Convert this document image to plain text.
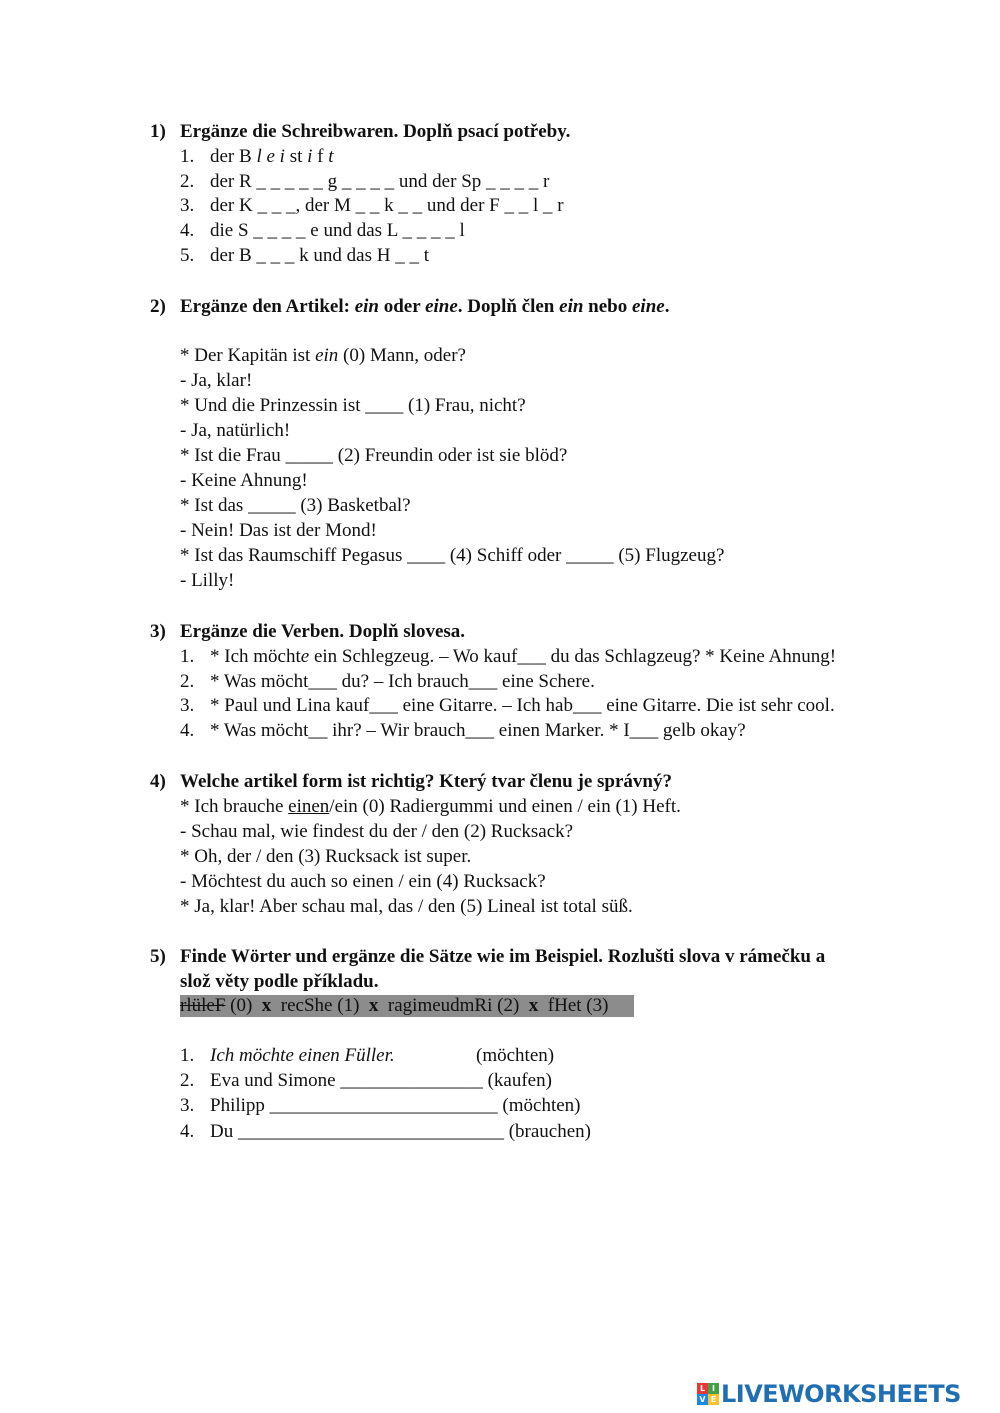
1) Ergänze die Schreibwaren. Doplň psací potřeby.
1. der B l e i st i f t
2. der R _ _ _ _ _ g _ _ _ _ und der Sp _ _ _ _ r
3. der K _ _ _, der M _ _ k _ _ und der F _ _ l _ r
4. die S _ _ _ _ e und das L _ _ _ _ l
5. der B _ _ _ k und das H _ _ t
2) Ergänze den Artikel: ein oder eine. Doplň člen ein nebo eine.
* Der Kapitän ist ein (0) Mann, oder?
- Ja, klar!
* Und die Prinzessin ist ____ (1) Frau, nicht?
- Ja, natürlich!
* Ist die Frau _____ (2) Freundin oder ist sie blöd?
- Keine Ahnung!
* Ist das _____ (3) Basketbal?
- Nein! Das ist der Mond!
* Ist das Raumschiff Pegasus ____ (4) Schiff oder _____ (5) Flugzeug?
- Lilly!
3) Ergänze die Verben. Doplň slovesa.
1. * Ich möchte ein Schlegzeug. – Wo kauf___ du das Schlagzeug? * Keine Ahnung!
2. * Was möcht___ du? – Ich brauch___ eine Schere.
3. * Paul und Lina kauf___ eine Gitarre. – Ich hab___ eine Gitarre. Die ist sehr cool.
4. * Was möcht__ ihr? – Wir brauch___ einen Marker. * I___ gelb okay?
4) Welche artikel form ist richtig? Který tvar členu je správný?
* Ich brauche einen/ein (0) Radiergummi und einen / ein (1) Heft.
- Schau mal, wie findest du der / den (2) Rucksack?
* Oh, der / den (3) Rucksack ist super.
- Möchtest du auch so einen / ein (4) Rucksack?
* Ja, klar! Aber schau mal, das / den (5) Lineal ist total süß.
5) Finde Wörter und ergänze die Sätze wie im Beispiel. Rozlušti slova v rámečku a
slož věty podle příkladu.
rlüleF (0)  x  recShe (1)  x  ragimeudmRi (2)  x  fHet (3)
1. Ich möchte einen Füller.	(möchten)
2. Eva und Simone _______________ (kaufen)
3. Philipp ________________________ (möchten)
4. Du ____________________________ (brauchen)
L I
V E LIVEWORKSHEETS
